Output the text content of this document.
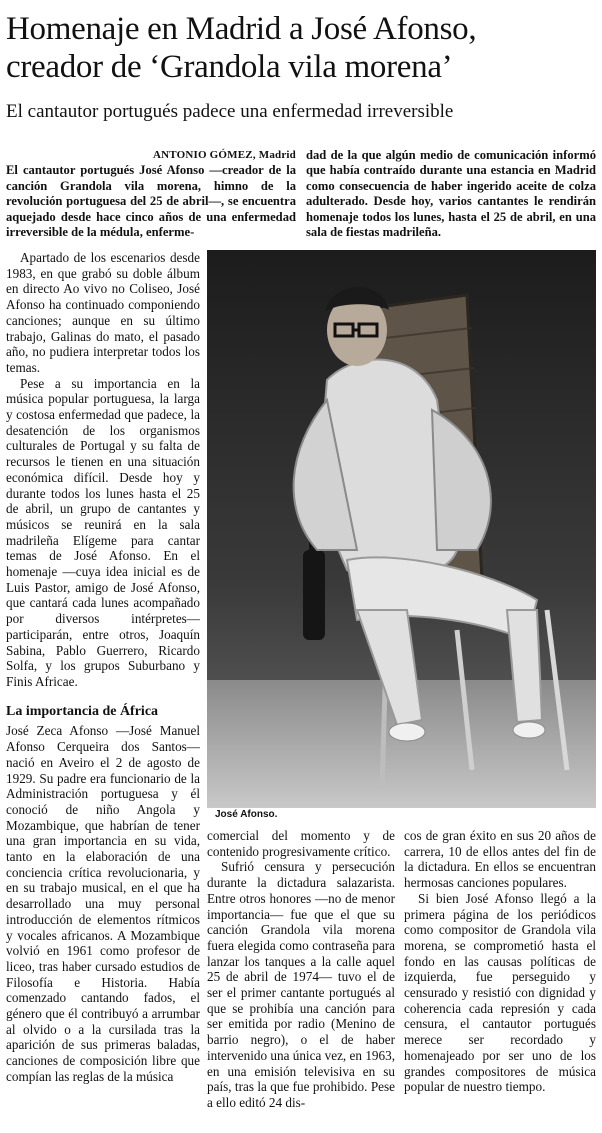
Homenaje en Madrid a José Afonso,
creador de ‘Grandola vila morena’
El cantautor portugués padece una enfermedad irreversible
ANTONIO GÓMEZ, Madrid

El cantautor portugués José Afonso —creador de la canción Grandola vila morena, himno de la revolución portuguesa del 25 de abril—, se encuentra aquejado desde hace cinco años de una enfermedad irreversible de la médula, enferme-

dad de la que algún medio de comunicación informó que había contraído durante una estancia en Madrid como consecuencia de haber ingerido aceite de colza adulterado. Desde hoy, varios cantantes le rendirán homenaje todos los lunes, hasta el 25 de abril, en una sala de fiestas madrileña.

Apartado de los escenarios desde 1983, en que grabó su doble álbum en directo Ao vivo no Coliseo, José Afonso ha continuado componiendo canciones; aunque en su último trabajo, Galinas do mato, el pasado año, no pudiera interpretar todos los temas.

Pese a su importancia en la música popular portuguesa, la larga y costosa enfermedad que padece, la desatención de los organismos culturales de Portugal y su falta de recursos le tienen en una situación económica difícil. Desde hoy y durante todos los lunes hasta el 25 de abril, un grupo de cantantes y músicos se reunirá en la sala madrileña Elígeme para cantar temas de José Afonso. En el homenaje —cuya idea inicial es de Luis Pastor, amigo de José Afonso, que cantará cada lunes acompañado por diversos intérpretes— participarán, entre otros, Joaquín Sabina, Pablo Guerrero, Ricardo Solfa, y los grupos Suburbano y Finis Africae.

La importancia de África

José Zeca Afonso —José Manuel Afonso Cerqueira dos Santos— nació en Aveiro el 2 de agosto de 1929. Su padre era funcionario de la Administración portuguesa y él conoció de niño Angola y Mozambique, que habrían de tener una gran importancia en su vida, tanto en la elaboración de una conciencia crítica revolucionaria, y en su trabajo musical, en el que ha desarrollado una muy personal introducción de elementos rítmicos y vocales africanos. A Mozambique volvió en 1961 como profesor de liceo, tras haber cursado estudios de Filosofía e Historia. Había comenzado cantando fados, el género que él contribuyó a arrumbar al olvido o a la cursilada tras la aparición de sus primeras baladas, canciones de composición libre que compían las reglas de la música

José Afonso.

comercial del momento y de contenido progresivamente crítico.

Sufrió censura y persecución durante la dictadura salazarista. Entre otros honores —no de menor importancia— fue que el que su canción Grandola vila morena fuera elegida como contraseña para lanzar los tanques a la calle aquel 25 de abril de 1974— tuvo el de ser el primer cantante portugués al que se prohibía una canción para ser emitida por radio (Menino de barrio negro), o el de haber intervenido una única vez, en 1963, en una emisión televisiva en su país, tras la que fue prohibido. Pese a ello editó 24 dis-

cos de gran éxito en sus 20 años de carrera, 10 de ellos antes del fin de la dictadura. En ellos se encuentran hermosas canciones populares.

Si bien José Afonso llegó a la primera página de los periódicos como compositor de Grandola vila morena, se comprometió hasta el fondo en las causas políticas de izquierda, fue perseguido y censurado y resistió con dignidad y coherencia cada represión y cada censura, el cantautor portugués merece ser recordado y homenajeado por ser uno de los grandes compositores de música popular de nuestro tiempo.
